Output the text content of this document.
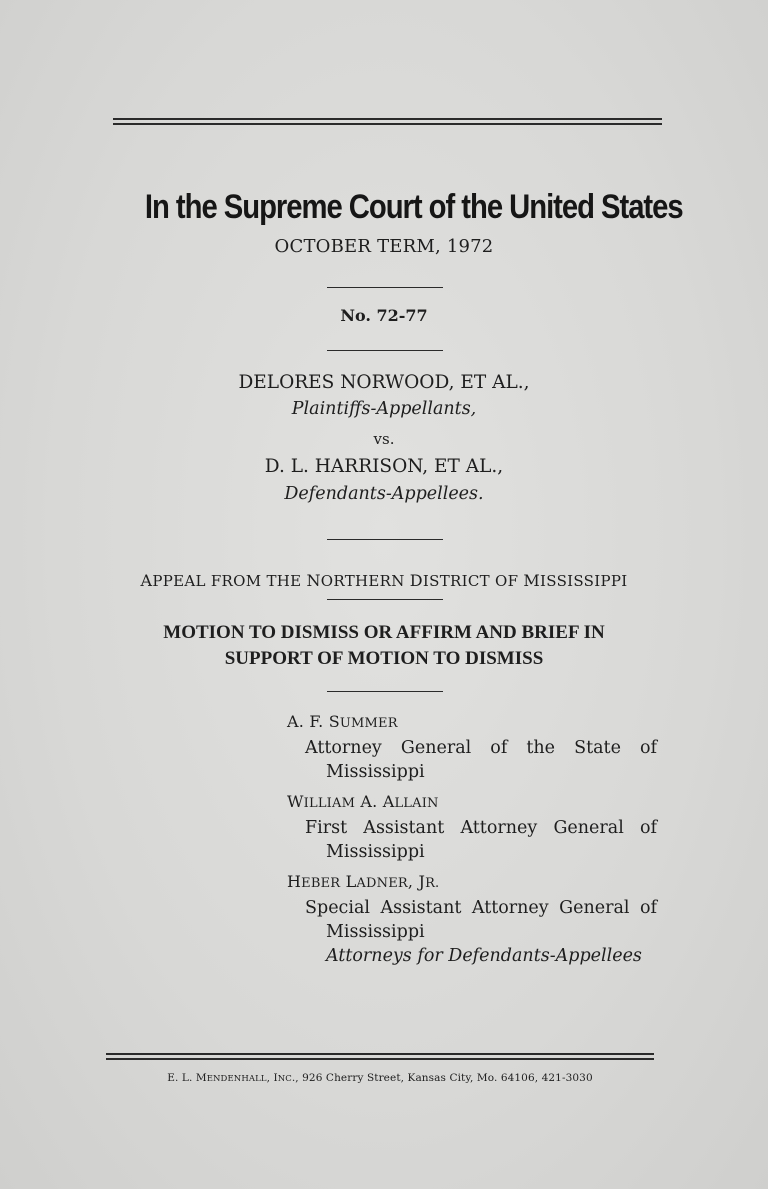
In the Supreme Court of the United States
OCTOBER TERM, 1972
No. 72-77
DELORES NORWOOD, ET AL.,
Plaintiffs-Appellants,
vs.
D. L. HARRISON, ET AL.,
Defendants-Appellees.
APPEAL FROM THE NORTHERN DISTRICT OF MISSISSIPPI
MOTION TO DISMISS OR AFFIRM AND BRIEF IN
SUPPORT OF MOTION TO DISMISS
A. F. SUMMER
Attorney General of the State of
Mississippi
WILLIAM A. ALLAIN
First Assistant Attorney General of
Mississippi
HEBER LADNER, JR.
Special Assistant Attorney General of
Mississippi
Attorneys for Defendants-Appellees
E. L. MENDENHALL, INC., 926 Cherry Street, Kansas City, Mo. 64106, 421-3030
